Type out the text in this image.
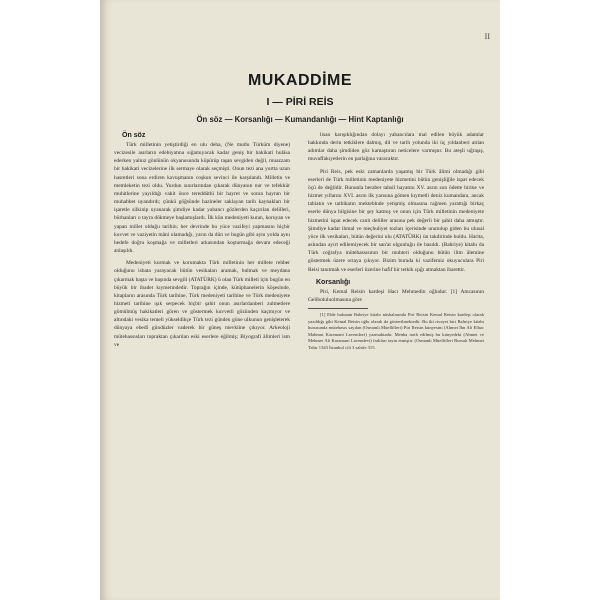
II
MUKADDİME
I — PİRİ REİS
Ön söz — Korsanlığı — Kumandanlığı — Hint Kaptanlığı
Ön söz

Türk milletinin yetiştirdiği en ulu deha, (Ne mutlu Türküm diyene) vecizesile asırların edebiyatına sığamıyacak kadar geniş bir hakikati hulâsa ederken yalnız gönlünün okyanusunda köpürüp taşan sevgiden değil, muazzam bir hakikati vecizelerine ilk sermaye olarak seçmişti. Onun tezi ana yurtta uzun hasretleri sona erdiren kavuşmanın coşkun sevinci ile karşılandı. Milletin ve memleketin tezi oldu. Yurdun sınırlarından çıkarak dünyanın nur ve tefekkür muhitlerine yayıldığı vakit önce tereddütlü bir hayret ve sonra hayran bir muhabbet uyandırdı; çünkü göğsünde hazineler saklayan tarih kaynakları bir işaretle silkinip uyanarak şimdiye kadar yabancı gözlerden kaçırılan delilleri, bürhanları o tayra dökmeye başlamışlardı. İlk kün medeniyeti kuran, koruyan ve yapan millet olduğu tarihin; her devrinde bu yüce vazifeyi yapmasını hiçbir kuvvet ve vaziyetin mâni olamadığı, yarın da dün ve bugün gibi aynı yolda aynı hedefe doğru koşmağa ve milletleri arkasından koşturmağa devam edeceği anlaşıldı.

Medeniyeti kurmak ve korumakta Türk milletinin her millete rehber olduğunu isbata yarayacak bütün vesikaları aramak, bulmak ve meydana çıkarmak başta ve başında sevgili (ATATÜRK) ü olan Türk milleti için bugün en büyük bir ibadet kıymetindedir. Toprağın içinde, kütüphanelerin köşesinde, kitapların arasında Türk tarihine, Türk medeniyeti tarihine ve Türk medeniyete hizmeti tarihine ışık serpecek hiçbir şahit onun asırlardanberi zulmetlere gömülmüş hakikatleri gören ve göstermek kuvvetli gözünden kaçmıyor ve altındaki vesika temeli yükseldikçe Türk tezi günden güne ulkunun genişleterek dünyaya ebedî gündüzler vaderek bir güneş mevkiine çıkıyor. Arkeoloji mütehassısları topraktan çıkarılan eski eserlere eğilmiş; Biyografi âlimleri ism ve

lisan karışıklığından dolayı yabancılara mal edilen büyük adamlar hakkında derin tetkiklere dalmış, dil ve tarih yolunda iki üç yıldanberi atılan adımlar daha şimdiden göz kamaştıran neticelere varmıştır. Bu ateşli uğraşış, muvaffakıyetlerin en parlağına varacaktır.

Piri Reis, pek eski zamanlarda yaşamış bir Türk âlimi olmadığı gibi eserleri de Türk milletinin medeniyete hizmetini bütün genişliğile ispat edecek öçü de değildir. Bununla beraber tahsil hayatını XV. asrın son ödette birine ve hizmet yıllarını XVI. asrın ilk yarısına gömen kıymetli deniz kumandanı, ancak tabiatın ve tatbikatın mekteblnde yetişmiş olmasına rağmen yarattığı birkaç eserle dünya bilgisine bir şey katmış ve onun için Türk milletinin medeniyete hizmetini ispat edecek canlı deliller arasına pek değerli bir şahit daha atmıştır. Şimdiye kadar ihmal ve meçhuliyet tozları içerisinde unutulup giden bu ulusal yüce ilk vesikaları, bütün değerini ulu (ATATÜRK) ün takdirinde buldu. Harita, aslından ayırt edilemiyecek bir san'at olgunluğu ile basıldı. (Bahriye) kitabı da Türk coğrafya mütehassısının bir muhteri olduğunu bütün ilim âlemine göstermek üzere ortaya çıkıyor. Bizim burada ki vazifemiz okuyuculara Piri Reisi tanıtmak ve eserleri üzerine hafif bir tetkik ışığı atmaktan ibarettir.

Korsanlığı

Piri, Kemal Reisin kardeşi Hacı Mehmedin oğludur. [1] Amcasının Geliboluluolmasına göre

[1] Elde bulunan Bahriye kitabı nüshalarında Piri Reisin Kemal Reisin kardeşi olarak yazıldığı gibi Kemal Reisin oğlu olarak da gösterilmektedir. Bu iki rivayet biri Bahriye kitabı hususunda mütehasıs sayılan (Osmanlı Müellifleri) Piri Reisin künyesini (Ahmet İbn Ali Elhac Mahmut Karamani Lavendavi) yazmaktadır. Menba tarih edilmiş bu künyedeki (Ahmet ve Mehmet Ali Karamani Lavendevi) farkları tayin etmiştir. (Osmanlı Müellifleri Bursalı Mehmet Tahir 1343 İstanbul cilt 3 sahife 315.
